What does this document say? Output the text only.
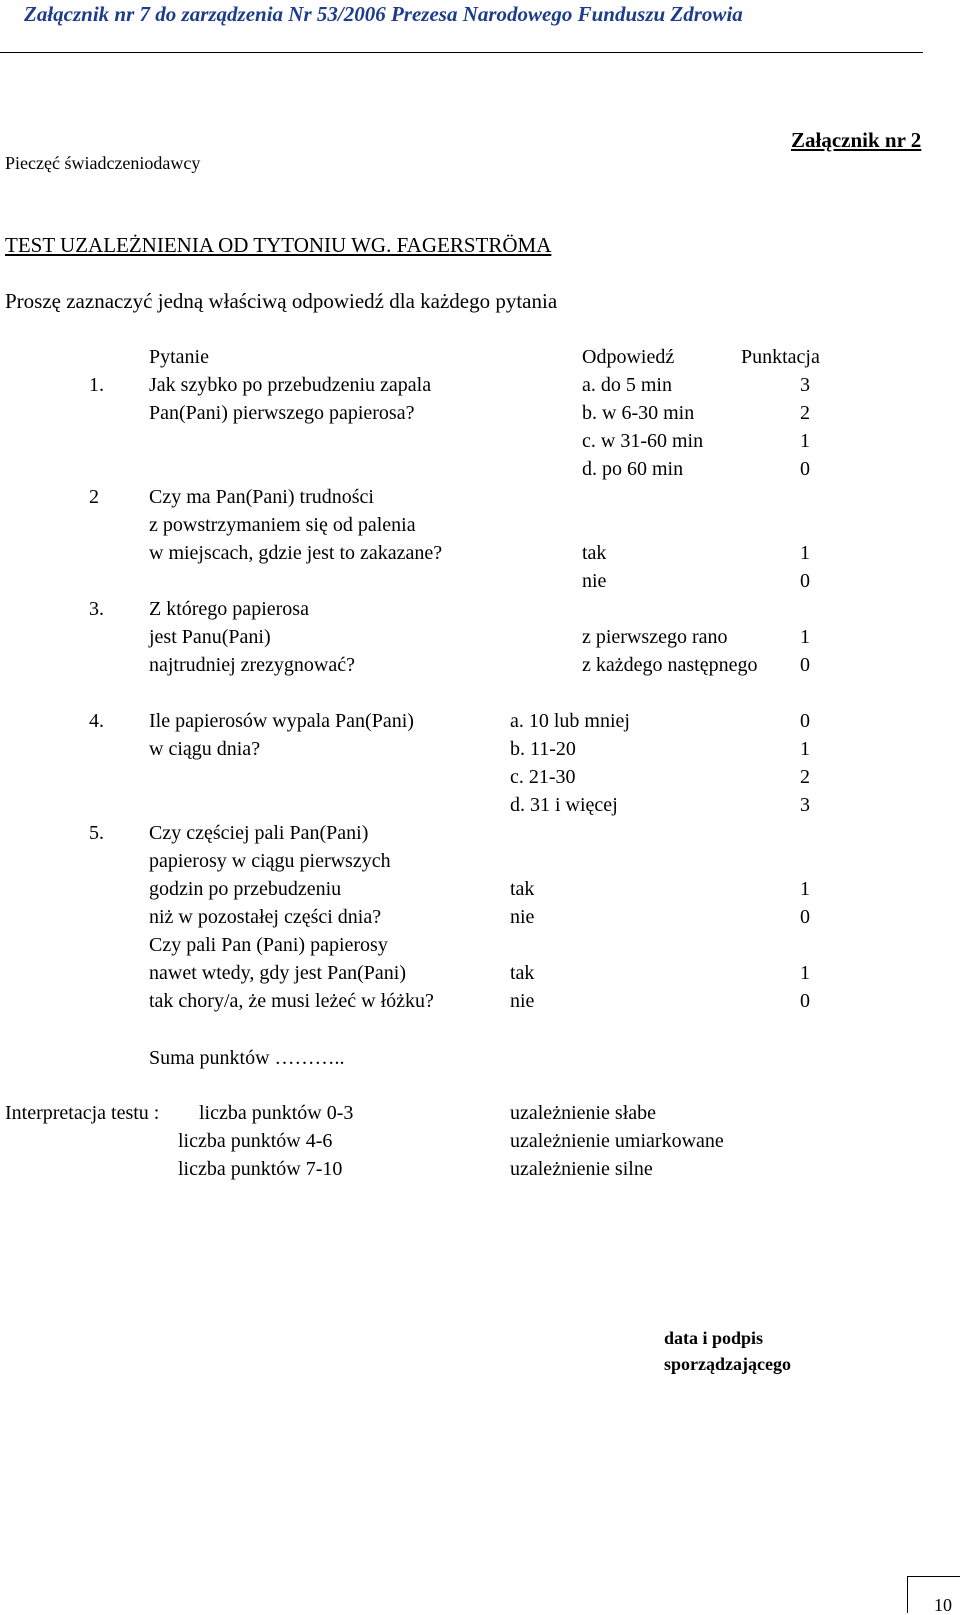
Załącznik nr 7 do zarządzenia Nr 53/2006 Prezesa Narodowego Funduszu Zdrowia
Pieczęć świadczeniodawcy
Załącznik nr 2
TEST UZALEŻNIENIA OD TYTONIU WG. FAGERSTRÖMA
Proszę zaznaczyć jedną właściwą odpowiedź dla każdego pytania
Pytanie	Odpowiedź	Punktacja
1. Jak szybko po przebudzeniu zapala
Pan(Pani) pierwszego papierosa?
a. do 5 min	3
b. w 6-30 min	2
c. w 31-60 min	1
d. po 60 min	0
2	Czy ma Pan(Pani) trudności
z powstrzymaniem się od palenia
w miejscach, gdzie jest to zakazane?	tak	1
nie	0
3. Z którego papierosa
jest Panu(Pani)
najtrudniej zrezygnować?
z pierwszego rano	1
z każdego następnego 0
4. Ile papierosów wypala Pan(Pani)
w ciągu dnia?
a. 10 lub mniej	0
b. 11-20	1
c. 21-30	2
d. 31 i więcej	3
5. Czy częściej pali Pan(Pani)
papierosy w ciągu pierwszych
godzin po przebudzeniu
niż w pozostałej części dnia?
tak	1
nie	0
Czy pali Pan (Pani) papierosy
nawet wtedy, gdy jest Pan(Pani)
tak chory/a, że musi leżeć w łóżku?
tak	1
nie	0
Suma punktów ………..
Interpretacja testu : liczba punktów 0-3	uzależnienie słabe
liczba punktów 4-6	uzależnienie umiarkowane
liczba punktów 7-10	uzależnienie silne
data i podpis
sporządzającego
10
